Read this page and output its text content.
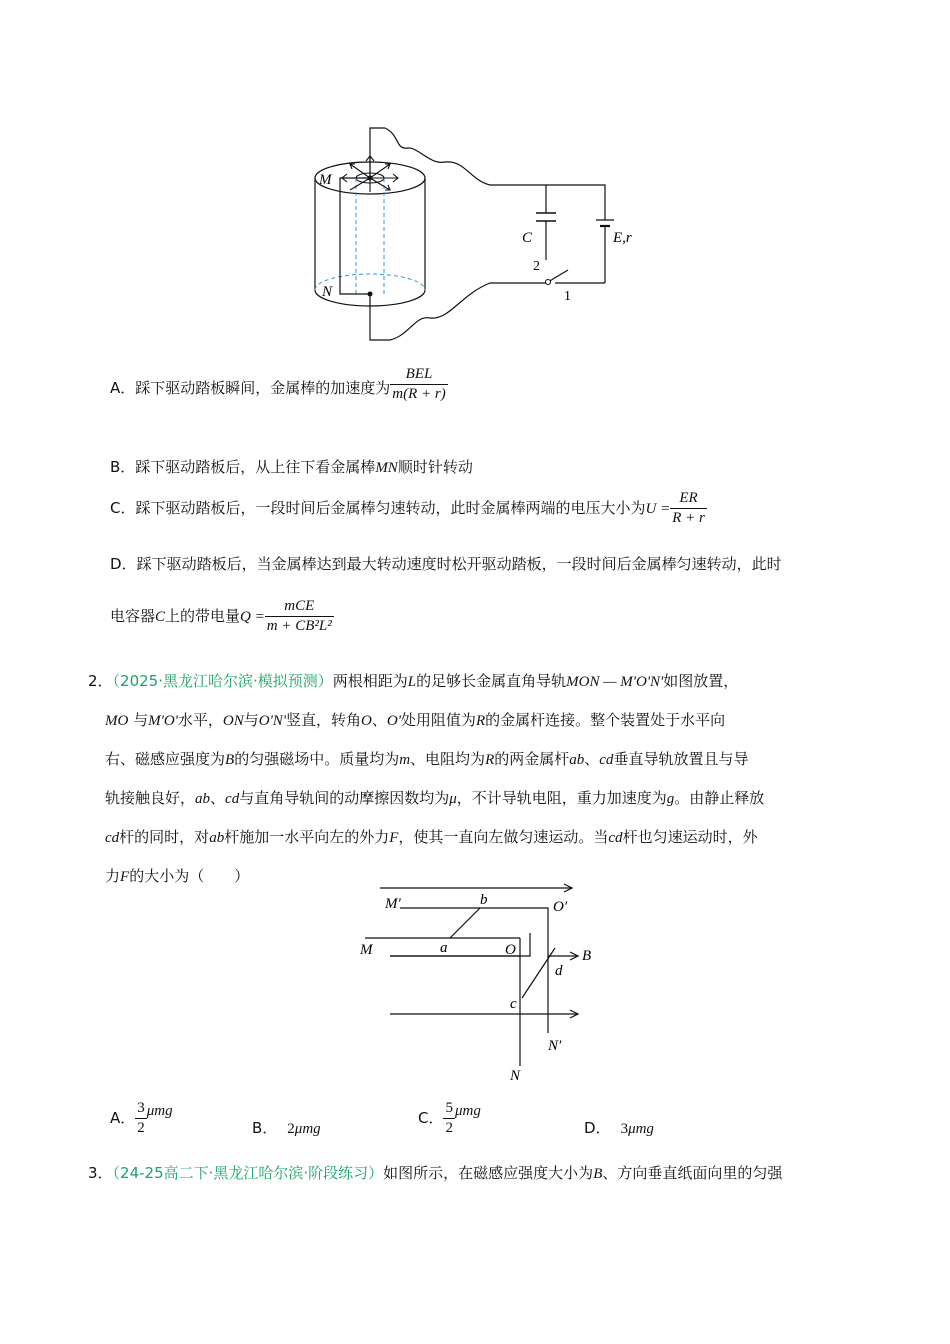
M
N
C	E,r
2
1
A．踩下驱动踏板瞬间，金属棒的加速度为 $\frac{\text{BEL}}{m(R + r)}$
B．踩下驱动踏板后，从上往下看金属棒MN顺时针转动
C．踩下驱动踏板后，一段时间后金属棒匀速转动，此时金属棒两端的电压大小为$U = \frac{ER}{R + r}$
D．踩下驱动踏板后，当金属棒达到最大转动速度时松开驱动踏板，一段时间后金属棒匀速转动，此时
电容器C上的带电量$Q = \frac{\text{mCE}}{\text{m + CB²L²}}$
2．（2025·黑龙江哈尔滨·模拟预测）两根相距为L的足够长金属直角导轨MON — M'O'N'如图放置，
MO 与M'O'水平，ON与O'N'竖直，转角O、O'处用阻值为R的金属杆连接。整个装置处于水平向
右、磁感应强度为B的匀强磁场中。质量均为m、电阻均为R的两金属杆ab、cd垂直导轨放置且与导
轨接触良好，ab、cd与直角导轨间的动摩擦因数均为μ，不计导轨电阻，重力加速度为g。由静止释放
cd杆的同时，对ab杆施加一水平向左的外力F，使其一直向左做匀速运动。当cd杆也匀速运动时，外
力F的大小为（　　）
M′	b	O′
M	a	O	B
d
c
N′
N
A． $\frac{3}{2}$ μmg
B． 2μmg
C． $\frac{5}{2}$ μmg
D． 3μmg
3．（24-25高二下·黑龙江哈尔滨·阶段练习）如图所示，在磁感应强度大小为B、方向垂直纸面向里的匀强
